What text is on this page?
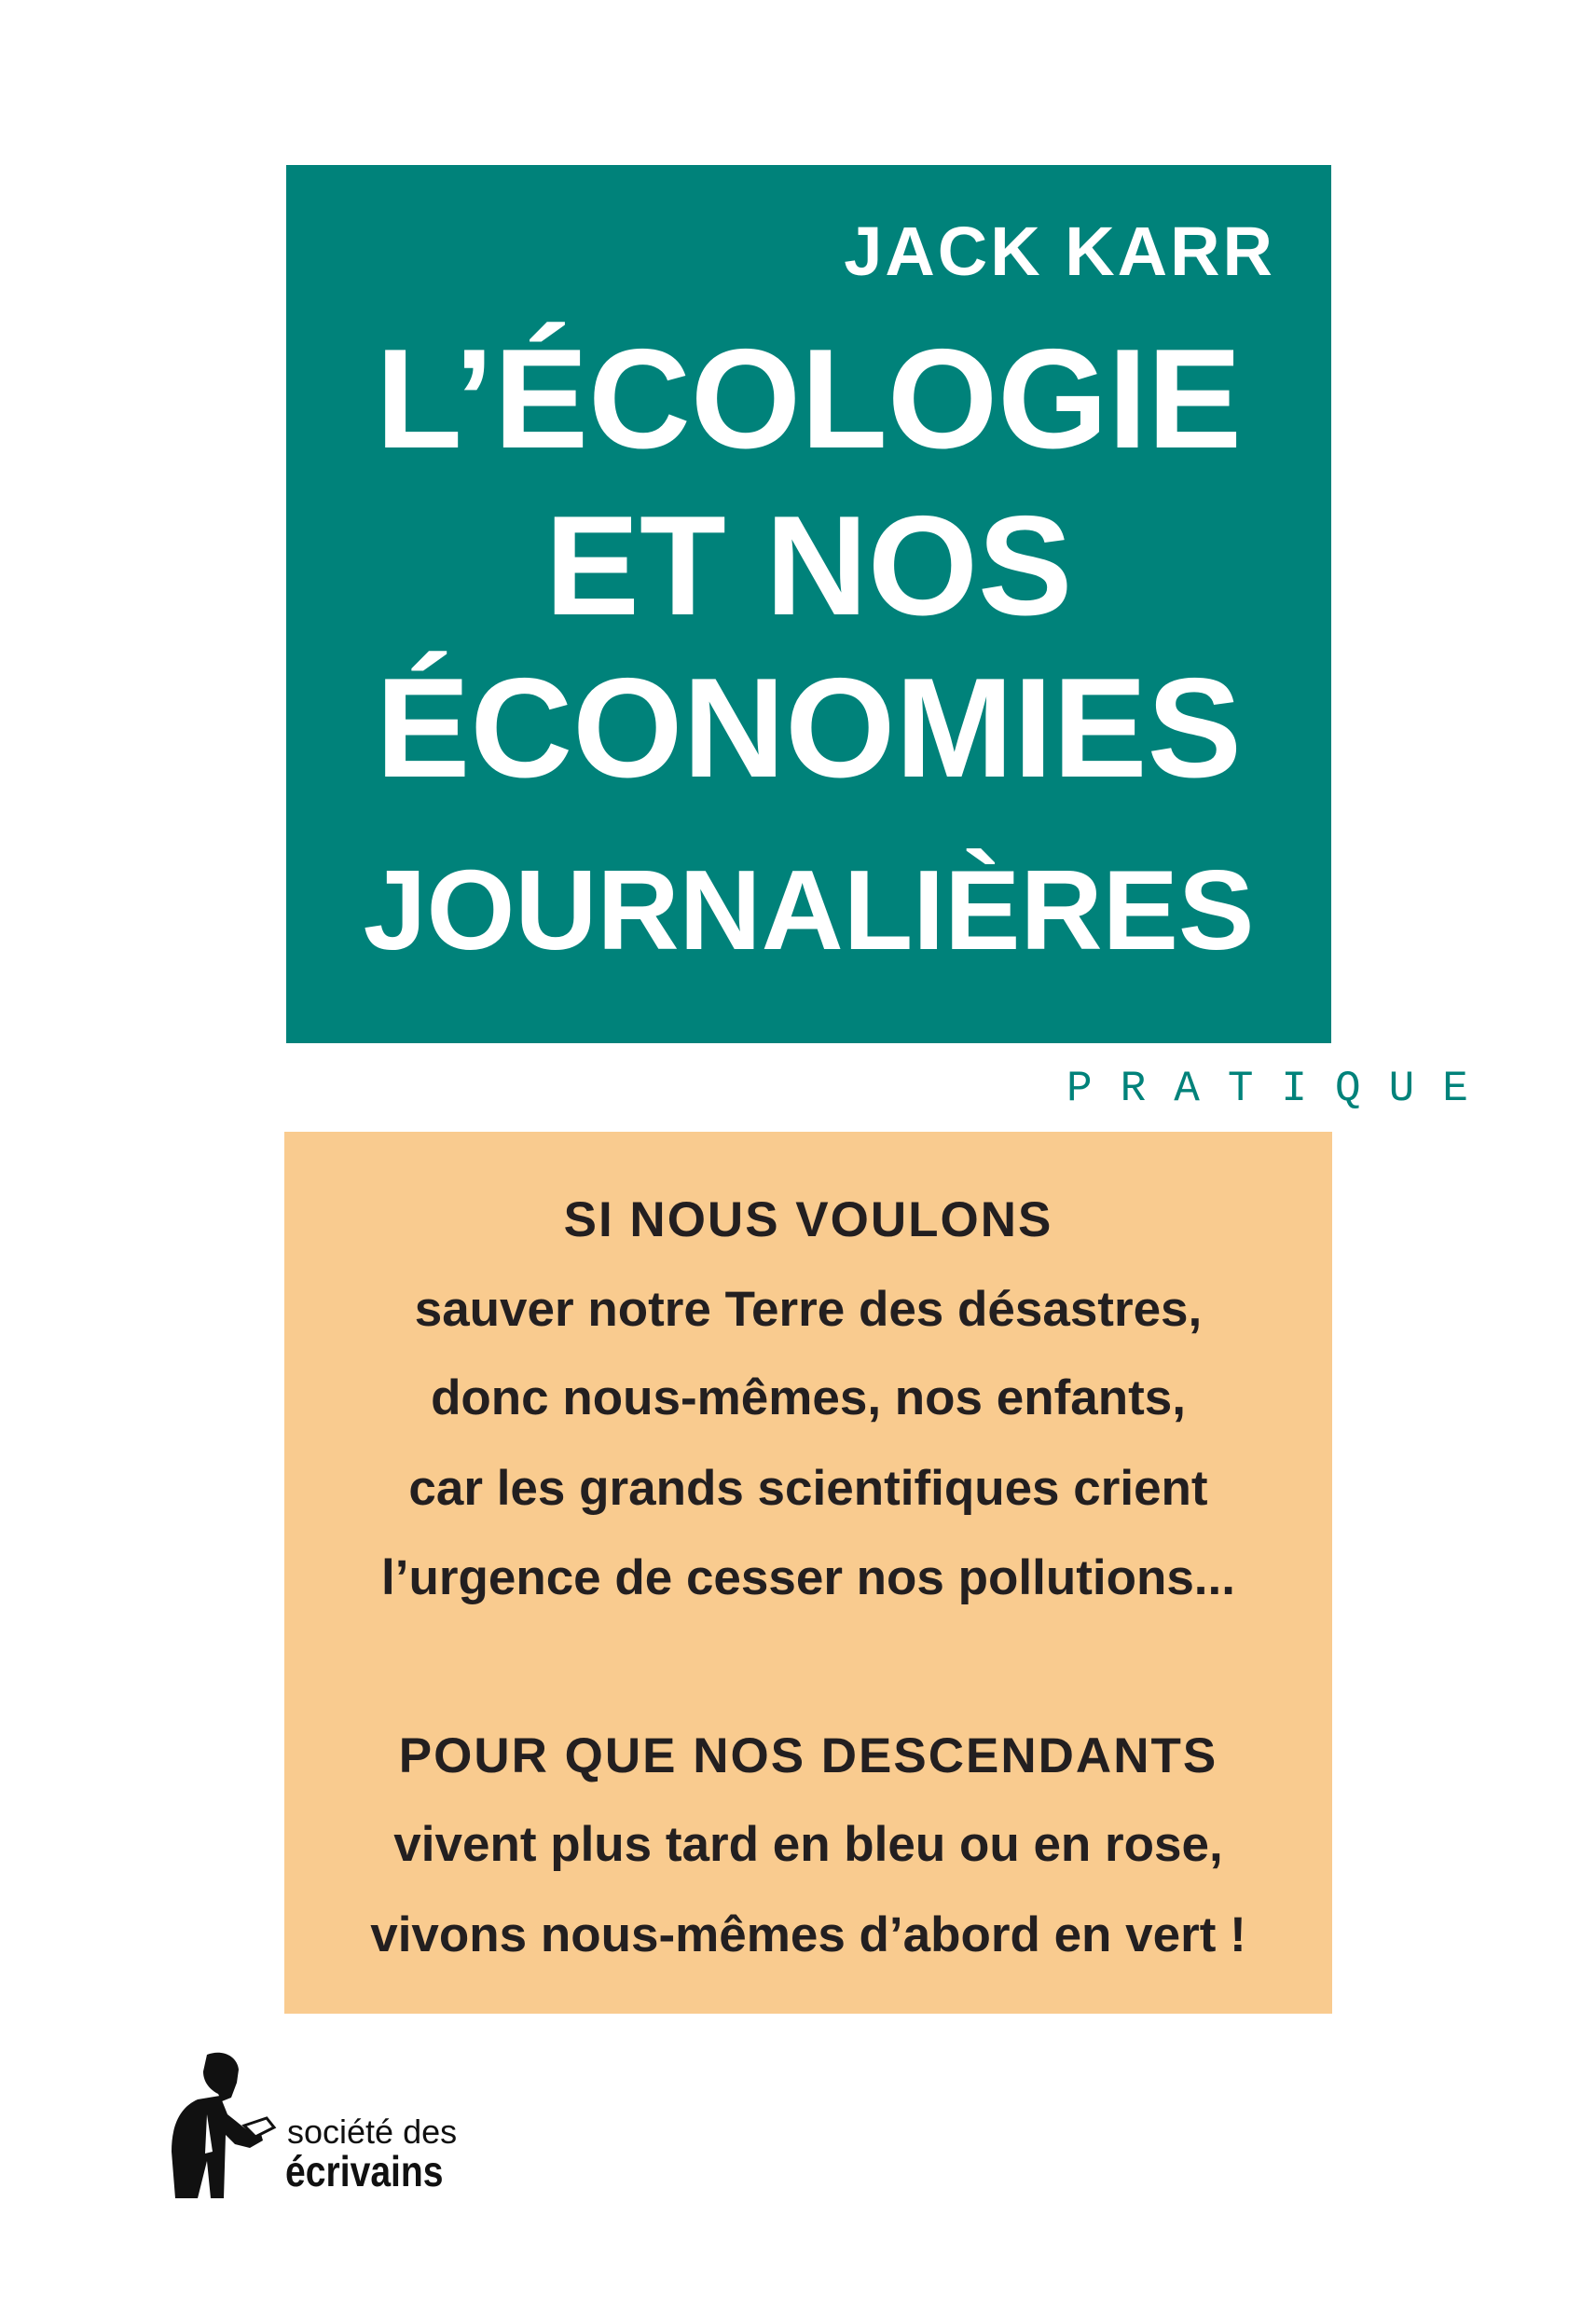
JACK KARR
L’ÉCOLOGIE
ET NOS
ÉCONOMIES
JOURNALIÈRES
PRATIQUE
SI NOUS VOULONS
sauver notre Terre des désastres,
donc nous-mêmes, nos enfants,
car les grands scientifiques crient
l’urgence de cesser nos pollutions...
POUR QUE NOS DESCENDANTS
vivent plus tard en bleu ou en rose,
vivons nous-mêmes d’abord en vert !
société des
écrivains
